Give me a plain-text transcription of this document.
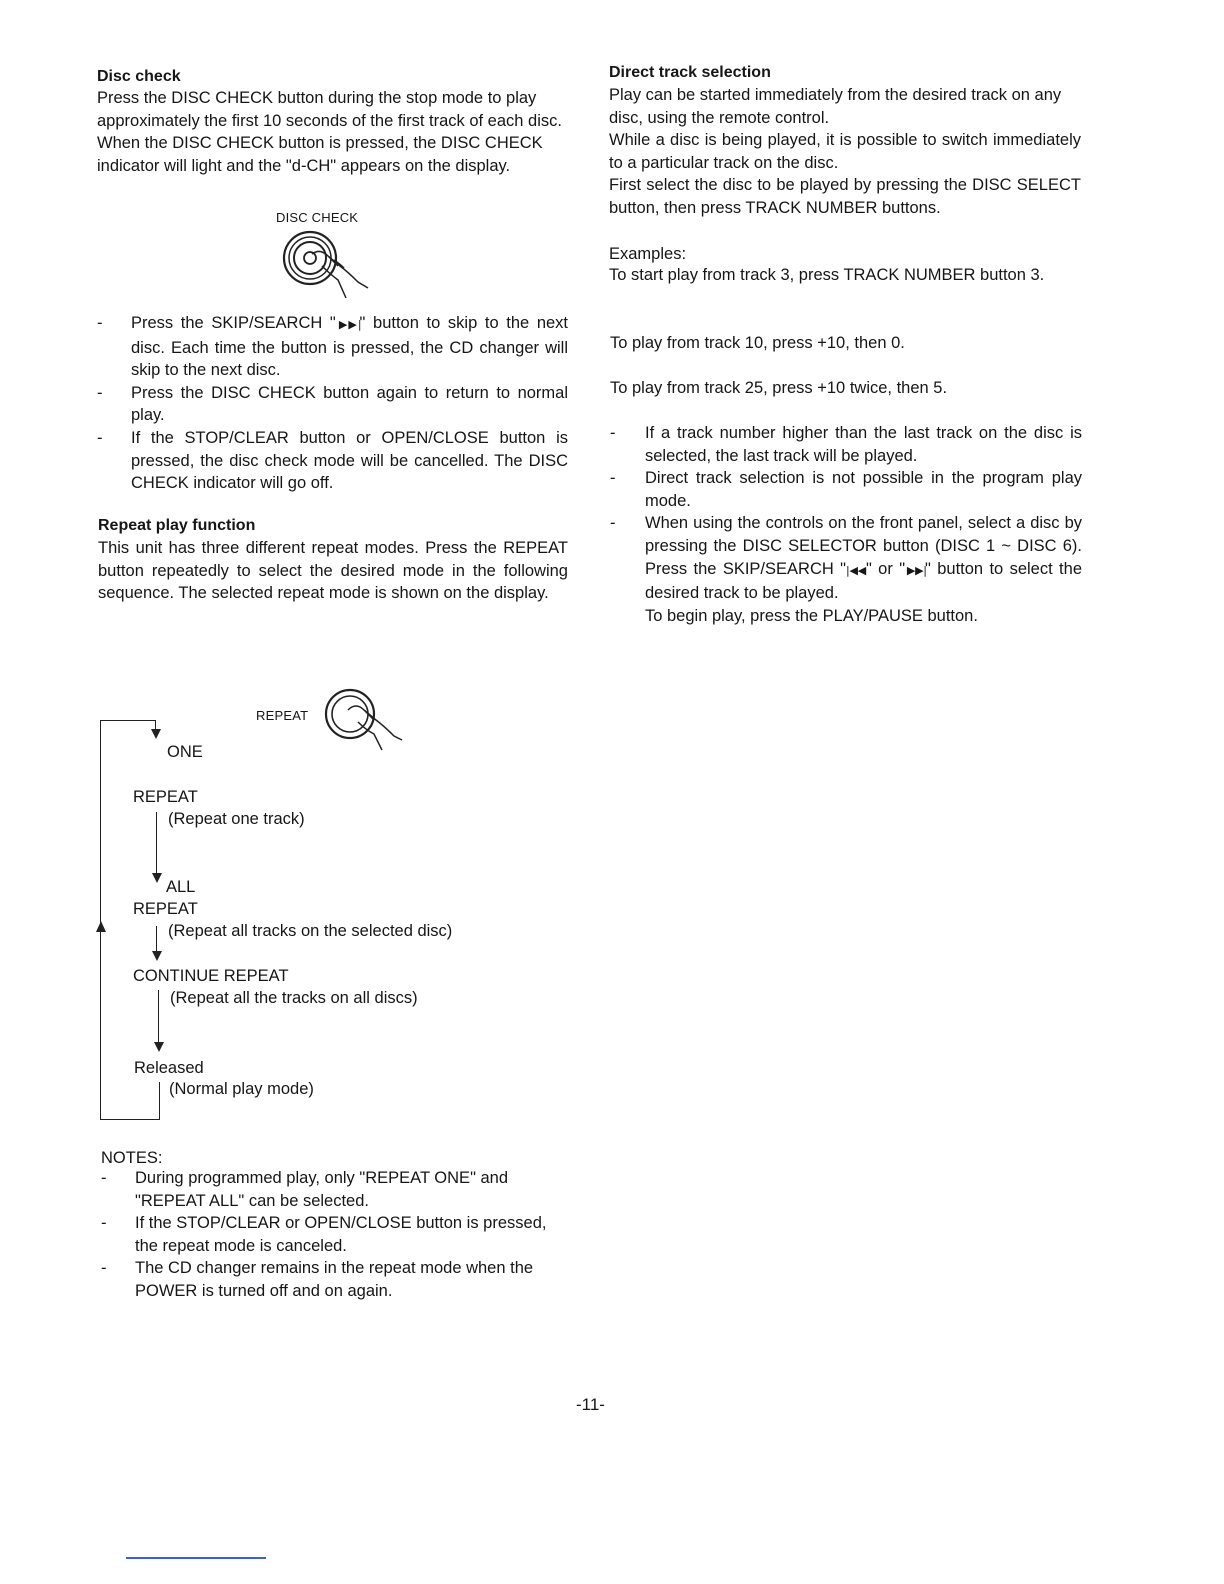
Disc check

Press the DISC CHECK button during the stop mode to play approximately the first 10 seconds of the first track of each disc.

When the DISC CHECK button is pressed, the DISC CHECK indicator will light and the "d-CH" appears on the display.

DISC CHECK
- Press the SKIP/SEARCH "▶▶|" button to skip to the next disc. Each time the button is pressed, the CD changer will skip to the next disc.
- Press the DISC CHECK button again to return to normal play.
- If the STOP/CLEAR button or OPEN/CLOSE button is pressed, the disc check mode will be cancelled. The DISC CHECK indicator will go off.
Repeat play function
This unit has three different repeat modes. Press the REPEAT button repeatedly to select the desired mode in the following sequence. The selected repeat mode is shown on the display.
REPEAT
ONE
REPEAT
(Repeat one track)
ALL
REPEAT
(Repeat all tracks on the selected disc)
CONTINUE REPEAT
(Repeat all the tracks on all discs)
Released
(Normal play mode)
NOTES:
- During programmed play, only "REPEAT ONE" and "REPEAT ALL" can be selected.
- If the STOP/CLEAR or OPEN/CLOSE button is pressed, the repeat mode is canceled.
- The CD changer remains in the repeat mode when the POWER is turned off and on again.
Direct track selection

Play can be started immediately from the desired track on any disc, using the remote control.

While a disc is being played, it is possible to switch immediately to a particular track on the disc.

First select the disc to be played by pressing the DISC SELECT button, then press TRACK NUMBER buttons.

Examples:
To start play from track 3, press TRACK NUMBER button 3.
To play from track 10, press +10, then 0.
To play from track 25, press +10 twice, then 5.
- If a track number higher than the last track on the disc is selected, the last track will be played.
- Direct track selection is not possible in the program play mode.
- When using the controls on the front panel, select a disc by pressing the DISC SELECTOR button (DISC 1 ~ DISC 6). Press the SKIP/SEARCH "|◀◀" or "▶▶|" button to select the desired track to be played.
To begin play, press the PLAY/PAUSE button.
-11-
